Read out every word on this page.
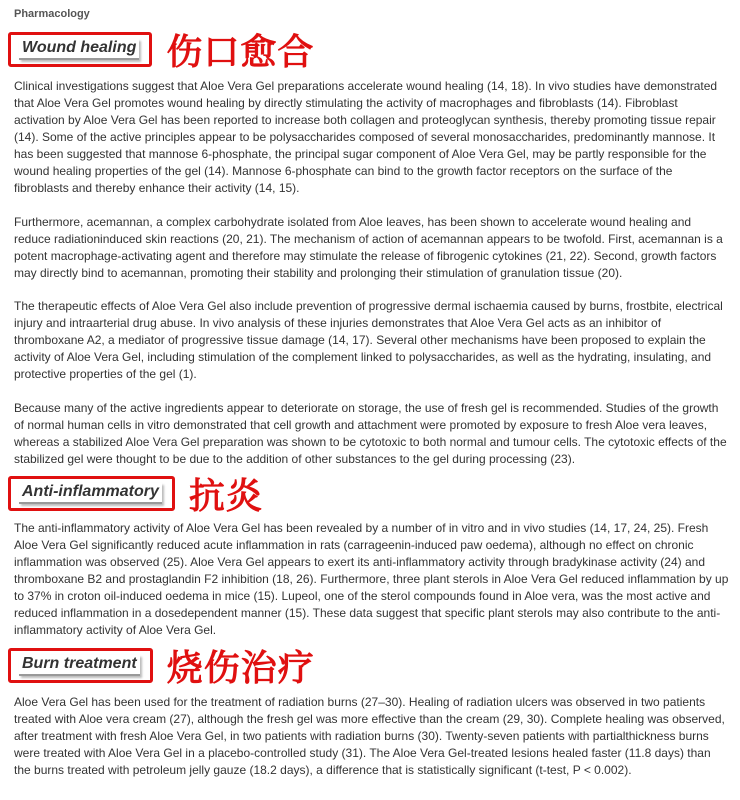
Pharmacology
Wound healing 伤口愈合

Clinical investigations suggest that Aloe Vera Gel preparations accelerate wound healing (14, 18). In vivo studies have demonstrated that Aloe Vera Gel promotes wound healing by directly stimulating the activity of macrophages and fibroblasts (14). Fibroblast activation by Aloe Vera Gel has been reported to increase both collagen and proteoglycan synthesis, thereby promoting tissue repair (14). Some of the active principles appear to be polysaccharides composed of several monosaccharides, predominantly mannose. It has been suggested that mannose 6-phosphate, the principal sugar component of Aloe Vera Gel, may be partly responsible for the wound healing properties of the gel (14). Mannose 6-phosphate can bind to the growth factor receptors on the surface of the fibroblasts and thereby enhance their activity (14, 15).

Furthermore, acemannan, a complex carbohydrate isolated from Aloe leaves, has been shown to accelerate wound healing and reduce radiationinduced skin reactions (20, 21). The mechanism of action of acemannan appears to be twofold. First, acemannan is a potent macrophage-activating agent and therefore may stimulate the release of fibrogenic cytokines (21, 22). Second, growth factors may directly bind to acemannan, promoting their stability and prolonging their stimulation of granulation tissue (20).

The therapeutic effects of Aloe Vera Gel also include prevention of progressive dermal ischaemia caused by burns, frostbite, electrical injury and intraarterial drug abuse. In vivo analysis of these injuries demonstrates that Aloe Vera Gel acts as an inhibitor of thromboxane A2, a mediator of progressive tissue damage (14, 17). Several other mechanisms have been proposed to explain the activity of Aloe Vera Gel, including stimulation of the complement linked to polysaccharides, as well as the hydrating, insulating, and protective properties of the gel (1).

Because many of the active ingredients appear to deteriorate on storage, the use of fresh gel is recommended. Studies of the growth of normal human cells in vitro demonstrated that cell growth and attachment were promoted by exposure to fresh Aloe vera leaves, whereas a stabilized Aloe Vera Gel preparation was shown to be cytotoxic to both normal and tumour cells. The cytotoxic effects of the stabilized gel were thought to be due to the addition of other substances to the gel during processing (23).

Anti-inflammatory 抗炎

The anti-inflammatory activity of Aloe Vera Gel has been revealed by a number of in vitro and in vivo studies (14, 17, 24, 25). Fresh Aloe Vera Gel significantly reduced acute inflammation in rats (carrageenin-induced paw oedema), although no effect on chronic inflammation was observed (25). Aloe Vera Gel appears to exert its anti-inflammatory activity through bradykinase activity (24) and thromboxane B2 and prostaglandin F2 inhibition (18, 26). Furthermore, three plant sterols in Aloe Vera Gel reduced inflammation by up to 37% in croton oil-induced oedema in mice (15). Lupeol, one of the sterol compounds found in Aloe vera, was the most active and reduced inflammation in a dosedependent manner (15). These data suggest that specific plant sterols may also contribute to the anti-inflammatory activity of Aloe Vera Gel.

Burn treatment 烧伤治疗

Aloe Vera Gel has been used for the treatment of radiation burns (27–30). Healing of radiation ulcers was observed in two patients treated with Aloe vera cream (27), although the fresh gel was more effective than the cream (29, 30). Complete healing was observed, after treatment with fresh Aloe Vera Gel, in two patients with radiation burns (30). Twenty-seven patients with partialthickness burns were treated with Aloe Vera Gel in a placebo-controlled study (31). The Aloe Vera Gel-treated lesions healed faster (11.8 days) than the burns treated with petroleum jelly gauze (18.2 days), a difference that is statistically significant (t-test, P < 0.002).
